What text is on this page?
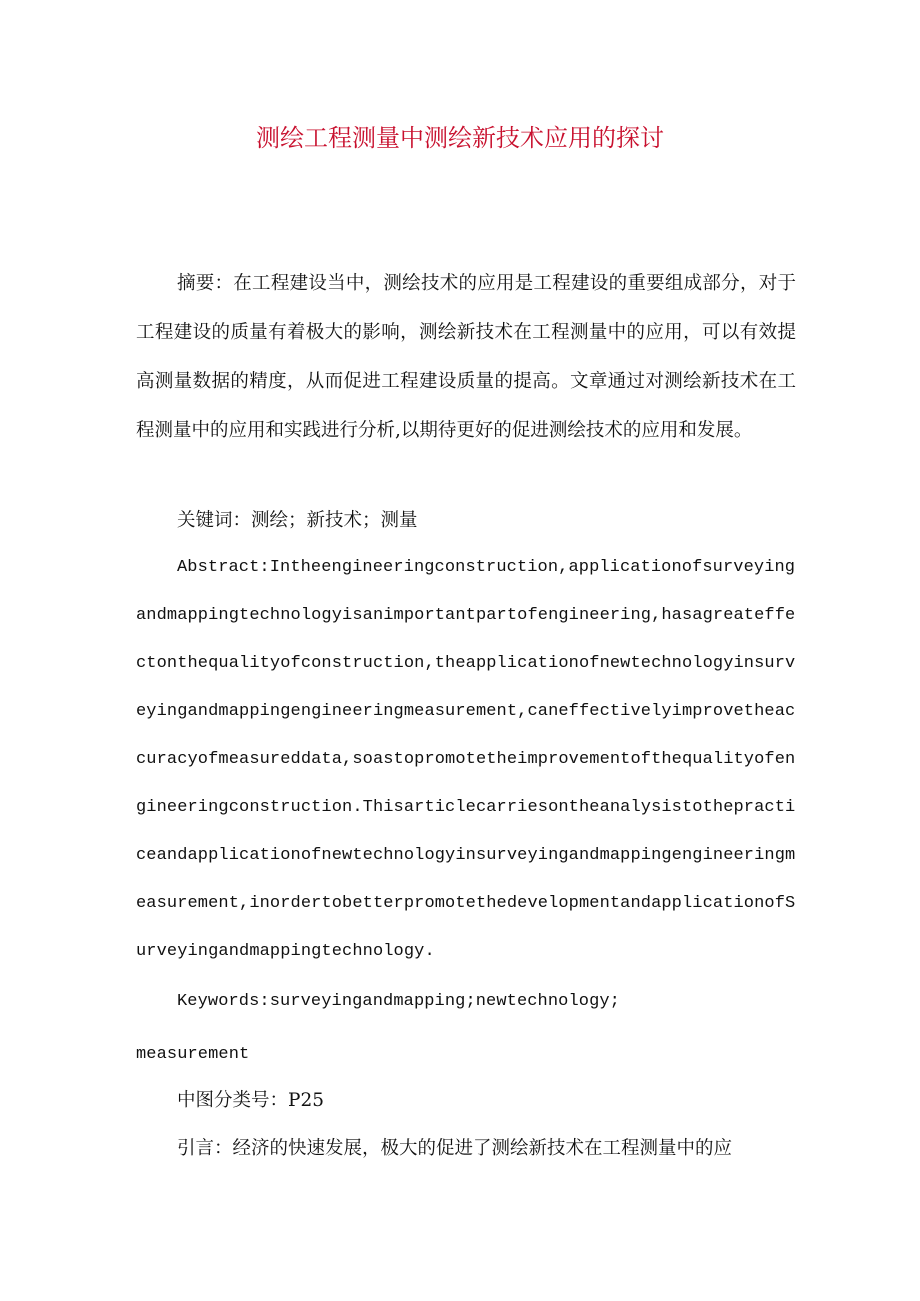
测绘工程测量中测绘新技术应用的探讨
摘要：在工程建设当中，测绘技术的应用是工程建设的重要组成部分，对于工程建设的质量有着极大的影响，测绘新技术在工程测量中的应用，可以有效提高测量数据的精度，从而促进工程建设质量的提高。文章通过对测绘新技术在工程测量中的应用和实践进行分析,以期待更好的促进测绘技术的应用和发展。
关键词：测绘；新技术；测量
Abstract:Intheengineeringconstruction,applicationofsurveyingandmappingtechnologyisanimportantpartofengineering,hasagreateffectonthequalityofconstruction,theapplicationofnewtechnologyinsurveyingandmappingengineeringmeasurement,caneffectivelyimprovetheaccuracyofmeasureddata,soastopromotetheimprovementofthequalityofengineeringconstruction.Thisarticlecarriesontheanalysistothepracticeandapplicationofnewtechnologyinsurveyingandmappingengineeringmeasurement,inordertobetterpromotethedevelopmentandapplicationofSurveyingandmappingtechnology.
Keywords:surveyingandmapping;newtechnology;
measurement
中图分类号：P25
引言：经济的快速发展，极大的促进了测绘新技术在工程测量中的应
